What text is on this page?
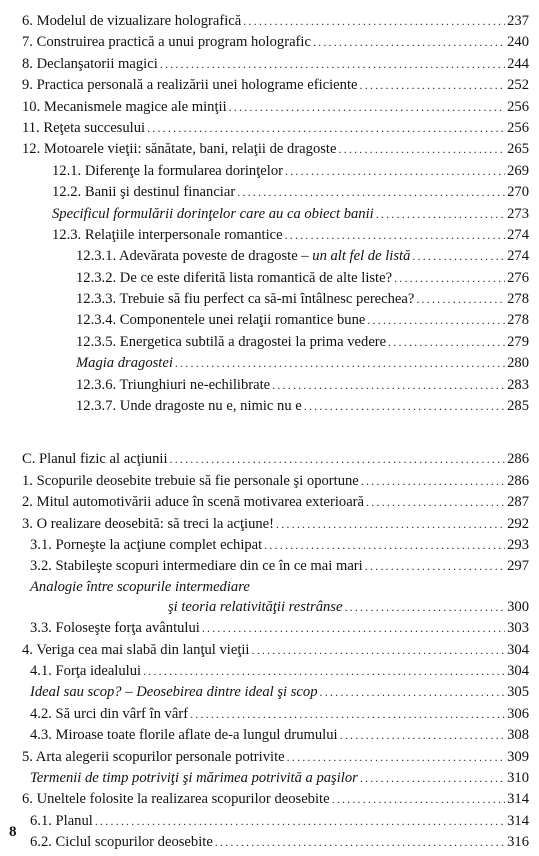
6. Modelul de vizualizare holografică .....	237
7. Construirea practică a unui program holografic .....	240
8. Declanşatorii magici .....	244
9. Practica personală a realizării unei holograme eficiente .....	252
10. Mecanismele magice ale minţii .....	256
11. Reţeta succesului .....	256
12. Motoarele vieţii: sănătate, bani, relaţii de dragoste .....	265
12.1. Diferenţe la formularea dorinţelor .....	269
12.2. Banii şi destinul financiar .....	270
Specificul formulării dorinţelor care au ca obiect banii .....	273
12.3. Relaţiile interpersonale romantice .....	274
12.3.1. Adevărata poveste de dragoste – un alt fel de listă .....	274
12.3.2. De ce este diferită lista romantică de alte liste? .....	276
12.3.3. Trebuie să fiu perfect ca să-mi întâlnesc perechea? .....	278
12.3.4. Componentele unei relaţii romantice bune .....	278
12.3.5. Energetica subtilă a dragostei la prima vedere .....	279
Magia dragostei .....	280
12.3.6. Triunghiuri ne-echilibrate .....	283
12.3.7. Unde dragoste nu e, nimic nu e .....	285
C. Planul fizic al acţiunii .....	286
1. Scopurile deosebite trebuie să fie personale şi oportune .....	286
2. Mitul automotivării aduce în scenă motivarea exterioară .....	287
3. O realizare deosebită: să treci la acţiune! .....	292
3.1. Porneşte la acţiune complet echipat .....	293
3.2. Stabileşte scopuri intermediare din ce în ce mai mari .....	297
Analogie între scopurile intermediare
şi teoria relativităţii restrânse .....	300
3.3. Foloseşte forţa avântului .....	303
4. Veriga cea mai slabă din lanţul vieţii .....	304
4.1. Forţa idealului .....	304
Ideal sau scop? – Deosebirea dintre ideal şi scop .....	305
4.2. Să urci din vârf în vârf .....	306
4.3. Miroase toate florile aflate de-a lungul drumului .....	308
5. Arta alegerii scopurilor personale potrivite .....	309
Termenii de timp potriviţi şi mărimea potrivită a paşilor .....	310
6. Uneltele folosite la realizarea scopurilor deosebite .....	314
6.1. Planul .....	314
6.2. Ciclul scopurilor deosebite .....	316
8
